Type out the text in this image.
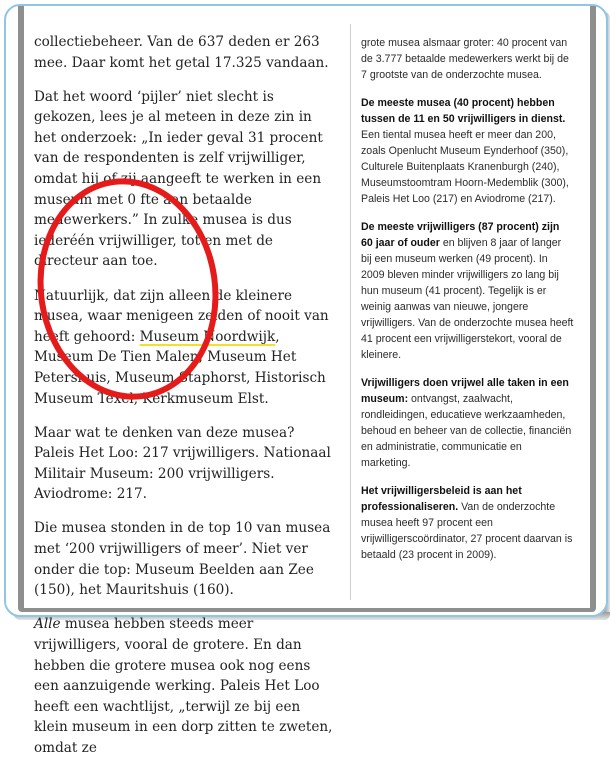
collectiebeheer. Van de 637 deden er 263 mee. Daar komt het getal 17.325 vandaan.

Dat het woord ‘pijler’ niet slecht is gekozen, lees je al meteen in deze zin in het onderzoek: „In ieder geval 31 procent van de respondenten is zelf vrijwilliger, omdat hij of zij aangeeft te werken in een museum met 0 fte aan betaalde medewerkers.” In zulke musea is dus iederéén vrijwilliger, tot en met de directeur aan toe.

Natuurlijk, dat zijn alleen de kleinere musea, waar menigeen zelden of nooit van heeft gehoord: Museum Noordwijk, Museum De Tien Malen, Museum Het Petershuis, Museum Staphorst, Historisch Museum Texel, Kerkmuseum Elst.

Maar wat te denken van deze musea? Paleis Het Loo: 217 vrijwilligers. Nationaal Militair Museum: 200 vrijwilligers. Aviodrome: 217.

Die musea stonden in de top 10 van musea met ‘200 vrijwilligers of meer’. Niet ver onder die top: Museum Beelden aan Zee (150), het Mauritshuis (160).

Alle musea hebben steeds meer vrijwilligers, vooral de grotere. En dan hebben die grotere musea ook nog eens een aanzuigende werking. Paleis Het Loo heeft een wachtlijst, „terwijl ze bij een klein museum in een dorp zitten te zweten, omdat ze

grote musea alsmaar groter: 40 procent van de 3.777 betaalde medewerkers werkt bij de 7 grootste van de onderzochte musea.

De meeste musea (40 procent) hebben tussen de 11 en 50 vrijwilligers in dienst. Een tiental musea heeft er meer dan 200, zoals Openlucht Museum Eynderhoof (350), Culturele Buitenplaats Kranenburgh (240), Museumstoomtram Hoorn-Medemblik (300), Paleis Het Loo (217) en Aviodrome (217).

De meeste vrijwilligers (87 procent) zijn 60 jaar of ouder en blijven 8 jaar of langer bij een museum werken (49 procent). In 2009 bleven minder vrijwilligers zo lang bij hun museum (41 procent). Tegelijk is er weinig aanwas van nieuwe, jongere vrijwilligers. Van de onderzochte musea heeft 41 procent een vrijwilligerstekort, vooral de kleinere.

Vrijwilligers doen vrijwel alle taken in een museum: ontvangst, zaalwacht, rondleidingen, educatieve werkzaamheden, behoud en beheer van de collectie, financiën en administratie, communicatie en marketing.

Het vrijwilligersbeleid is aan het professionaliseren. Van de onderzochte musea heeft 97 procent een vrijwilligerscoördinator, 27 procent daarvan is betaald (23 procent in 2009).
